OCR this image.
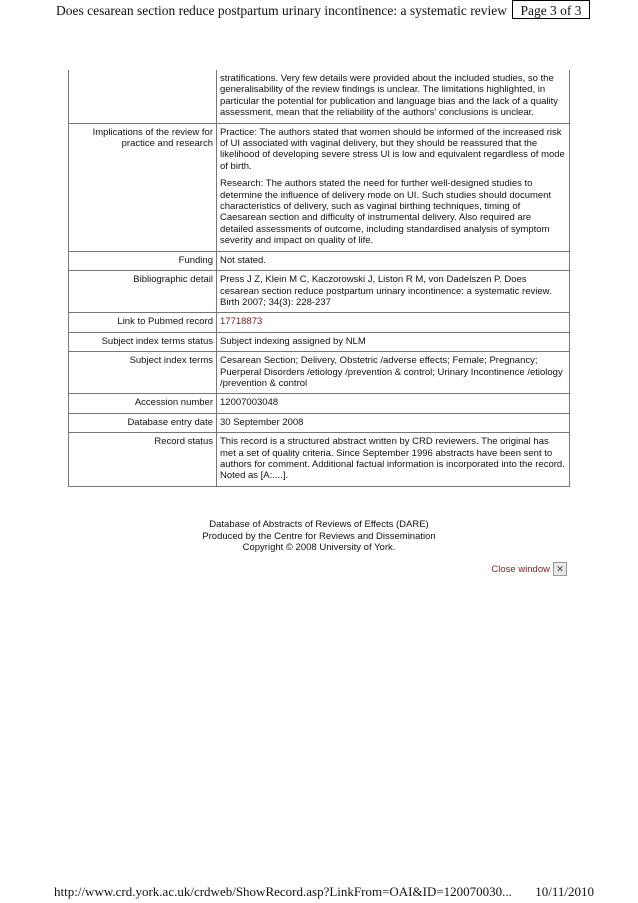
Does cesarean section reduce postpartum urinary incontinence: a systematic review Page 3 of 3
	stratifications. Very few details were provided about the included studies, so the generalisability of the review findings is unclear. The limitations highlighted, in particular the potential for publication and language bias and the lack of a quality assessment, mean that the reliability of the authors' conclusions is unclear.
Implications of the review for practice and research	Practice: The authors stated that women should be informed of the increased risk of UI associated with vaginal delivery, but they should be reassured that the likelihood of developing severe stress UI is low and equivalent regardless of mode of birth.

Research: The authors stated the need for further well-designed studies to determine the influence of delivery mode on UI. Such studies should document characteristics of delivery, such as vaginal birthing techniques, timing of Caesarean section and difficulty of instrumental delivery. Also required are detailed assessments of outcome, including standardised analysis of symptom severity and impact on quality of life.

Funding	Not stated.
Bibliographic detail	Press J Z, Klein M C, Kaczorowski J, Liston R M, von Dadelszen P. Does cesarean section reduce postpartum urinary incontinence: a systematic review. Birth 2007; 34(3): 228-237
Link to Pubmed record	17718873
Subject index terms status	Subject indexing assigned by NLM
Subject index terms	Cesarean Section; Delivery, Obstetric /adverse effects; Female; Pregnancy; Puerperal Disorders /etiology /prevention & control; Urinary Incontinence /etiology /prevention & control
Accession number	12007003048
Database entry date	30 September 2008
Record status	This record is a structured abstract written by CRD reviewers. The original has met a set of quality criteria. Since September 1996 abstracts have been sent to authors for comment. Additional factual information is incorporated into the record. Noted as [A:....].
Database of Abstracts of Reviews of Effects (DARE)
Produced by the Centre for Reviews and Dissemination
Copyright © 2008 University of York.
Close window ✕
http://www.crd.york.ac.uk/crdweb/ShowRecord.asp?LinkFrom=OAI&ID=120070030... 10/11/2010
